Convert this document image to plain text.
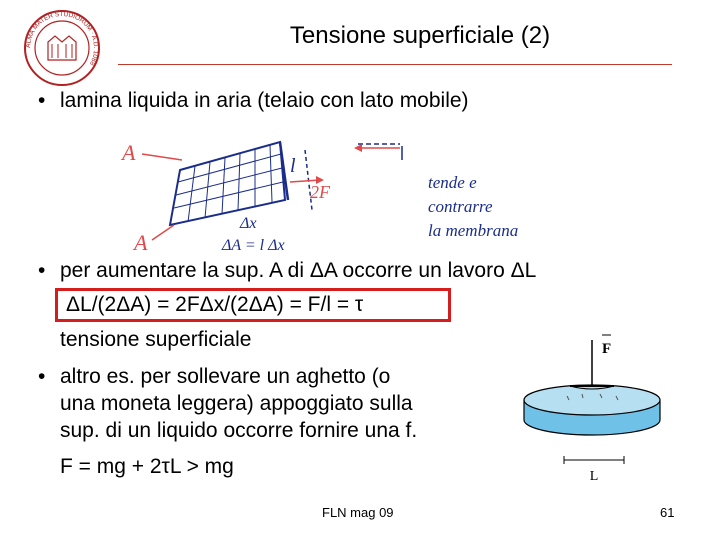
ALMA MATER STUDIORUM · A.D. 1088
Tensione superficiale (2)
• lamina liquida in aria (telaio con lato mobile)
A
l
2F
Δx
ΔA = l Δx
A
tende e
contrarre
la membrana
• per aumentare la sup. A di ΔA occorre un lavoro ΔL
ΔL/(2ΔA) = 2FΔx/(2ΔA) = F/l = τ
tensione superficiale
• altro es. per sollevare un aghetto (o
una moneta leggera) appoggiato sulla
sup. di un liquido occorre fornire una f.
F = mg + 2τL > mg
F
L
FLN mag 09	61
